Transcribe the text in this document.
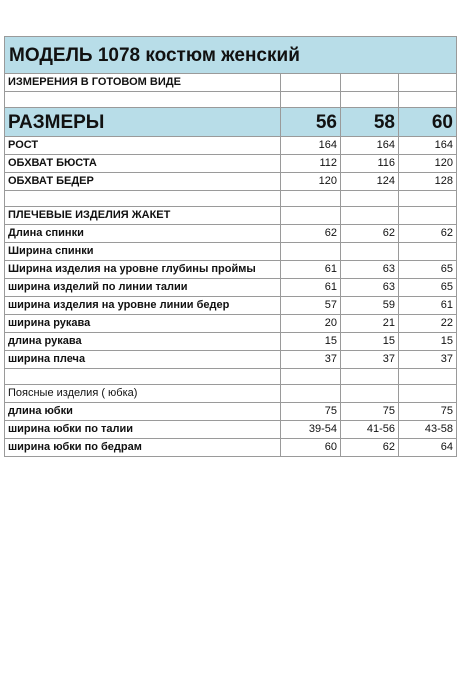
МОДЕЛЬ 1078 костюм женский			
ИЗМЕРЕНИЯ В ГОТОВОМ ВИДЕ			

РАЗМЕРЫ	56	58	60
РОСТ	164	164	164
ОБХВАТ БЮСТА	112	116	120
ОБХВАТ БЕДЕР	120	124	128

ПЛЕЧЕВЫЕ ИЗДЕЛИЯ ЖАКЕТ			
Длина спинки	62	62	62
Ширина спинки			
Ширина изделия на уровне глубины проймы	61	63	65
ширина изделий по линии талии	61	63	65
ширина изделия на уровне линии бедер	57	59	61
ширина рукава	20	21	22
длина рукава	15	15	15
ширина плеча	37	37	37

Поясные изделия ( юбка)			
длина юбки	75	75	75
ширина юбки по талии	39-54	41-56	43-58
ширина юбки по бедрам	60	62	64
